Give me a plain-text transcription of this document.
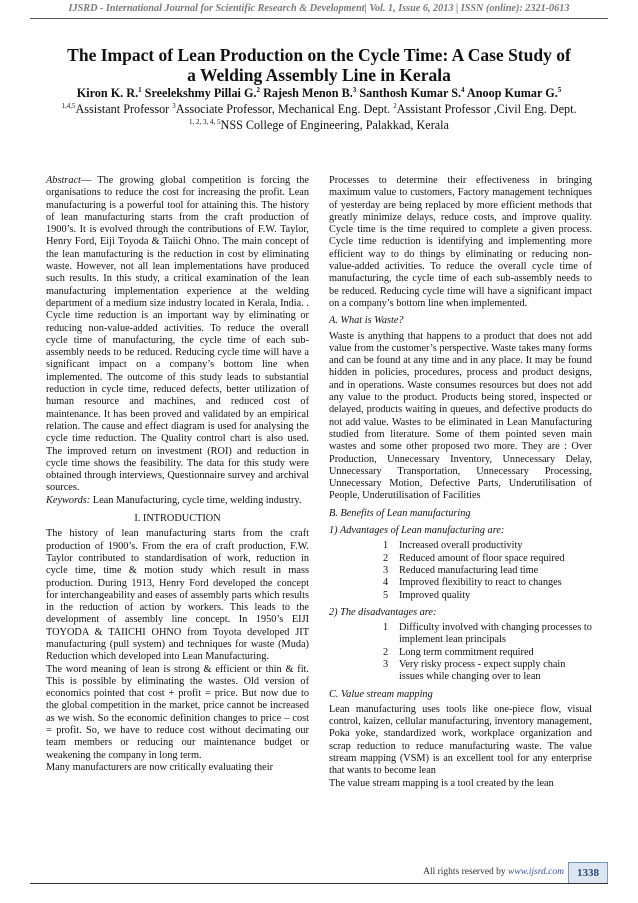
IJSRD - International Journal for Scientific Research & Development| Vol. 1, Issue 6, 2013 | ISSN (online): 2321-0613
The Impact of Lean Production on the Cycle Time: A Case Study of
a Welding Assembly Line in Kerala
Kiron K. R.$^1$ Sreelekshmy Pillai G.$^2$ Rajesh Menon B.$^3$ Santhosh Kumar S.$^4$ Anoop Kumar G.$^5$
$^{1,4,5}$Assistant Professor $^3$Associate Professor, Mechanical Eng. Dept. $^2$Assistant Professor ,Civil Eng. Dept.
$^{1, 2, 3, 4, 5}$NSS College of Engineering, Palakkad, Kerala

Abstract— The growing global competition is forcing the organisations to reduce the cost for increasing the profit. Lean manufacturing is a powerful tool for attaining this. The history of lean manufacturing starts from the craft production of 1900’s. It is evolved through the contributions of F.W. Taylor, Henry Ford, Eiji Toyoda & Taiichi Ohno. The main concept of the lean manufacturing is the reduction in cost by eliminating waste. However, not all lean implementations have produced such results. In this study, a critical examination of the lean manufacturing implementation experience at the welding department of a medium size industry located in Kerala, India. . Cycle time reduction is an important way by eliminating or reducing non-value-added activities. To reduce the overall cycle time of manufacturing, the cycle time of each sub-assembly needs to be reduced. Reducing cycle time will have a significant impact on a company’s bottom line when implemented. The outcome of this study leads to substantial reduction in cycle time, reduced defects, better utilization of human resource and machines, and reduced cost of maintenance. It has been proved and validated by an empirical relation. The cause and effect diagram is used for analysing the cycle time reduction. The Quality control chart is also used. The improved return on investment (ROI) and reduction in cycle time shows the feasibility. The data for this study were obtained through interviews, Questionnaire survey and archival sources.

Keywords: Lean Manufacturing, cycle time, welding industry.

I. INTRODUCTION

The history of lean manufacturing starts from the craft production of 1900’s. From the era of craft production, F.W. Taylor contributed to standardisation of work, reduction in cycle time, time & motion study which result in mass production. During 1913, Henry Ford developed the concept for interchangeability and eases of assembly parts which results in the reduction of action by workers. This leads to the development of assembly line concept. In 1950’s EIJI TOYODA & TAIICHI OHNO from Toyota developed JIT manufacturing (pull system) and techniques for waste (Muda) Reduction which developed into Lean Manufacturing.

The word meaning of lean is strong & efficient or thin & fit. This is possible by eliminating the wastes. Old version of economics pointed that cost + profit = price. But now due to the global competition in the market, price cannot be increased as we wish. So the economic definition changes to price – cost = profit. So, we have to reduce cost without decimating our team members or reducing our maintenance budget or weakening the company in long term.

Many manufacturers are now critically evaluating their

Processes to determine their effectiveness in bringing maximum value to customers, Factory management techniques of yesterday are being replaced by more efficient methods that greatly minimize delays, reduce costs, and improve quality. Cycle time is the time required to complete a given process. Cycle time reduction is identifying and implementing more efficient way to do things by eliminating or reducing non-value-added activities. To reduce the overall cycle time of manufacturing, the cycle time of each sub-assembly needs to be reduced. Reducing cycle time will have a significant impact on a company’s bottom line when implemented.

A. What is Waste?

Waste is anything that happens to a product that does not add value from the customer’s perspective. Waste takes many forms and can be found at any time and in any place. It may be found hidden in policies, procedures, process and product designs, and in operations. Waste consumes resources but does not add any value to the product. Products being stored, inspected or delayed, products waiting in queues, and defective products do not add value. Wastes to be eliminated in Lean Manufacturing studied from literature. Some of them pointed seven main wastes and some other proposed two more. They are : Over Production, Unnecessary Inventory, Unnecessary Delay, Unnecessary Transportation, Unnecessary Processing, Unnecessary Motion, Defective Parts, Underutilisation of People, Underutilisation of Facilities

B. Benefits of Lean manufacturing
1) Advantages of Lean manufacturing are:
1	Increased overall productivity
2	Reduced amount of floor space required
3	Reduced manufacturing lead time
4	Improved flexibility to react to changes
5	Improved quality
2) The disadvantages are:
1	Difficulty involved with changing processes to implement lean principals
2	Long term commitment required
3	Very risky process - expect supply chain issues while changing over to lean
C. Value stream mapping

Lean manufacturing uses tools like one-piece flow, visual control, kaizen, cellular manufacturing, inventory management, Poka yoke, standardized work, workplace organization and scrap reduction to reduce manufacturing waste. The value stream mapping (VSM) is an excellent tool for any enterprise that wants to become lean

The value stream mapping is a tool created by the lean

All rights reserved by www.ijsrd.com	1338
